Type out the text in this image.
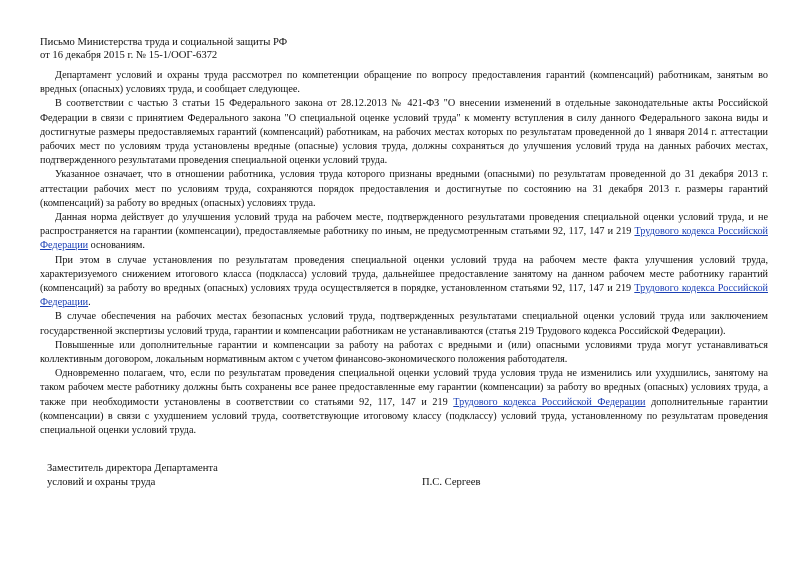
Письмо Министерства труда и социальной защиты РФ
от 16 декабря 2015 г. № 15-1/ООГ-6372

Департамент условий и охраны труда рассмотрел по компетенции обращение по вопросу предоставления гарантий (компенсаций) работникам, занятым во вредных (опасных) условиях труда, и сообщает следующее.

В соответствии с частью 3 статьи 15 Федерального закона от 28.12.2013 № 421-ФЗ "О внесении изменений в отдельные законодательные акты Российской Федерации в связи с принятием Федерального закона "О специальной оценке условий труда" к моменту вступления в силу данного Федерального закона виды и достигнутые размеры предоставляемых гарантий (компенсаций) работникам, на рабочих местах которых по результатам проведенной до 1 января 2014 г. аттестации рабочих мест по условиям труда установлены вредные (опасные) условия труда, должны сохраняться до улучшения условий труда на данных рабочих местах, подтвержденного результатами проведения специальной оценки условий труда.

Указанное означает, что в отношении работника, условия труда которого признаны вредными (опасными) по результатам проведенной до 31 декабря 2013 г. аттестации рабочих мест по условиям труда, сохраняются порядок предоставления и достигнутые по состоянию на 31 декабря 2013 г. размеры гарантий (компенсаций) за работу во вредных (опасных) условиях труда.

Данная норма действует до улучшения условий труда на рабочем месте, подтвержденного результатами проведения специальной оценки условий труда, и не распространяется на гарантии (компенсации), предоставляемые работнику по иным, не предусмотренным статьями 92, 117, 147 и 219 Трудового кодекса Российской Федерации основаниям.

При этом в случае установления по результатам проведения специальной оценки условий труда на рабочем месте факта улучшения условий труда, характеризуемого снижением итогового класса (подкласса) условий труда, дальнейшее предоставление занятому на данном рабочем месте работнику гарантий (компенсаций) за работу во вредных (опасных) условиях труда осуществляется в порядке, установленном статьями 92, 117, 147 и 219 Трудового кодекса Российской Федерации.

В случае обеспечения на рабочих местах безопасных условий труда, подтвержденных результатами специальной оценки условий труда или заключением государственной экспертизы условий труда, гарантии и компенсации работникам не устанавливаются (статья 219 Трудового кодекса Российской Федерации).

Повышенные или дополнительные гарантии и компенсации за работу на работах с вредными и (или) опасными условиями труда могут устанавливаться коллективным договором, локальным нормативным актом с учетом финансово-экономического положения работодателя.

Одновременно полагаем, что, если по результатам проведения специальной оценки условий труда условия труда не изменились или ухудшились, занятому на таком рабочем месте работнику должны быть сохранены все ранее предоставленные ему гарантии (компенсации) за работу во вредных (опасных) условиях труда, а также при необходимости установлены в соответствии со статьями 92, 117, 147 и 219 Трудового кодекса Российской Федерации дополнительные гарантии (компенсации) в связи с ухудшением условий труда, соответствующие итоговому классу (подклассу) условий труда, установленному по результатам проведения специальной оценки условий труда.

Заместитель директора Департамента
условий и охраны труда	П.С. Сергеев
